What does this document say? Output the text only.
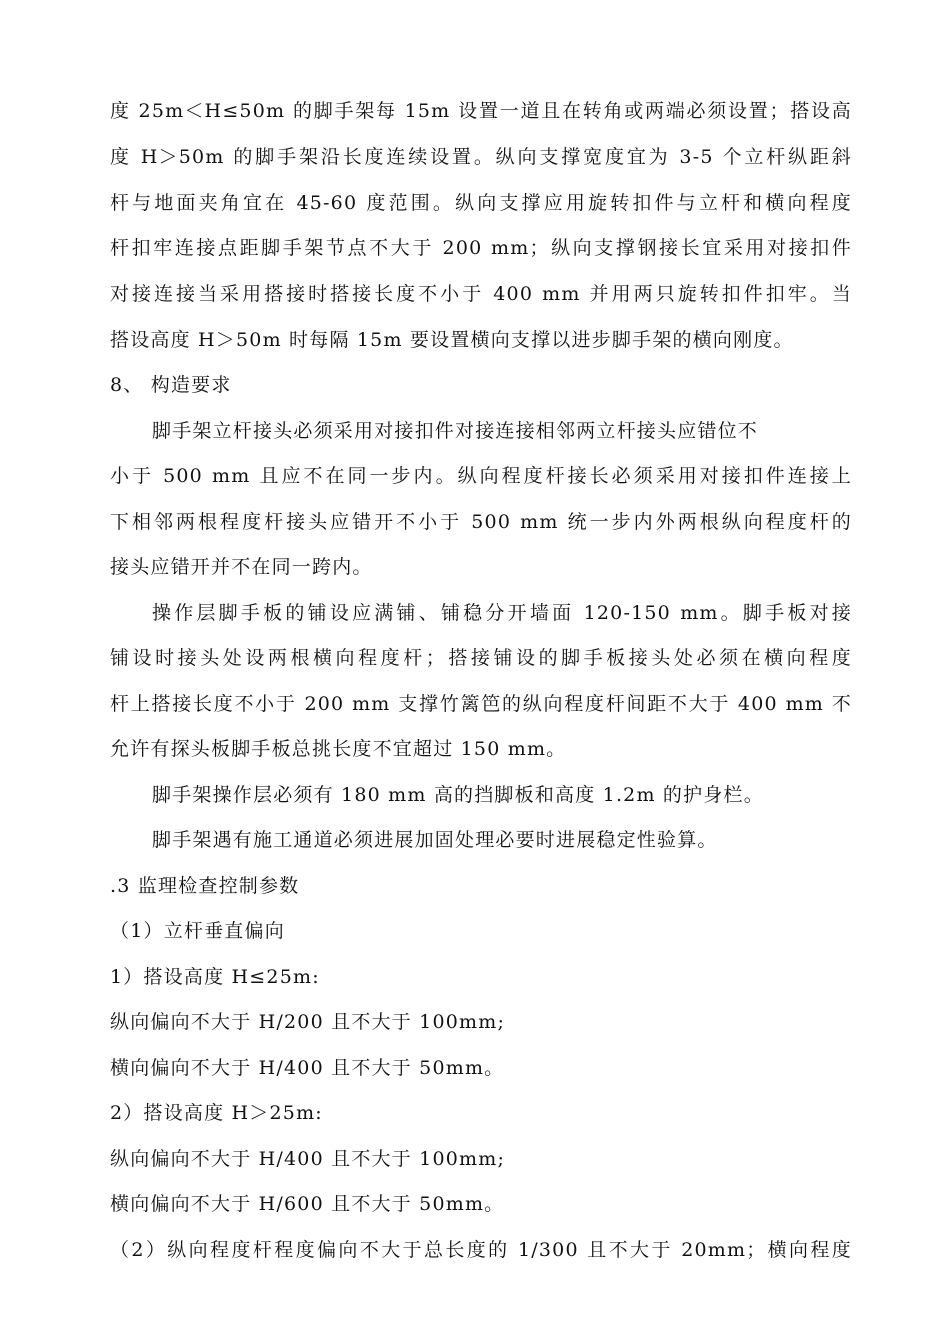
度 25m＜H≤50m 的脚手架每 15m 设置一道且在转角或两端必须设置；搭设高
度 H＞50m 的脚手架沿长度连续设置。纵向支撑宽度宜为 3-5 个立杆纵距斜
杆与地面夹角宜在 45-60 度范围。纵向支撑应用旋转扣件与立杆和横向程度
杆扣牢连接点距脚手架节点不大于 200 mm；纵向支撑钢接长宜采用对接扣件
对接连接当采用搭接时搭接长度不小于 400 mm 并用两只旋转扣件扣牢。当
搭设高度 H＞50m 时每隔 15m 要设置横向支撑以进步脚手架的横向刚度。
8、 构造要求
脚手架立杆接头必须采用对接扣件对接连接相邻两立杆接头应错位不
小于 500 mm 且应不在同一步内。纵向程度杆接长必须采用对接扣件连接上
下相邻两根程度杆接头应错开不小于 500 mm 统一步内外两根纵向程度杆的
接头应错开并不在同一跨内。
操作层脚手板的铺设应满铺、铺稳分开墙面 120-150 mm。脚手板对接
铺设时接头处设两根横向程度杆；搭接铺设的脚手板接头处必须在横向程度
杆上搭接长度不小于 200 mm 支撑竹篱笆的纵向程度杆间距不大于 400 mm 不
允许有探头板脚手板总挑长度不宜超过 150 mm。
脚手架操作层必须有 180 mm 高的挡脚板和高度 1.2m 的护身栏。
脚手架遇有施工通道必须进展加固处理必要时进展稳定性验算。
.3 监理检查控制参数
（1）立杆垂直偏向
1）搭设高度 H≤25m:
纵向偏向不大于 H/200 且不大于 100mm;
横向偏向不大于 H/400 且不大于 50mm。
2）搭设高度 H＞25m:
纵向偏向不大于 H/400 且不大于 100mm;
横向偏向不大于 H/600 且不大于 50mm。
（2）纵向程度杆程度偏向不大于总长度的 1/300 且不大于 20mm；横向程度
